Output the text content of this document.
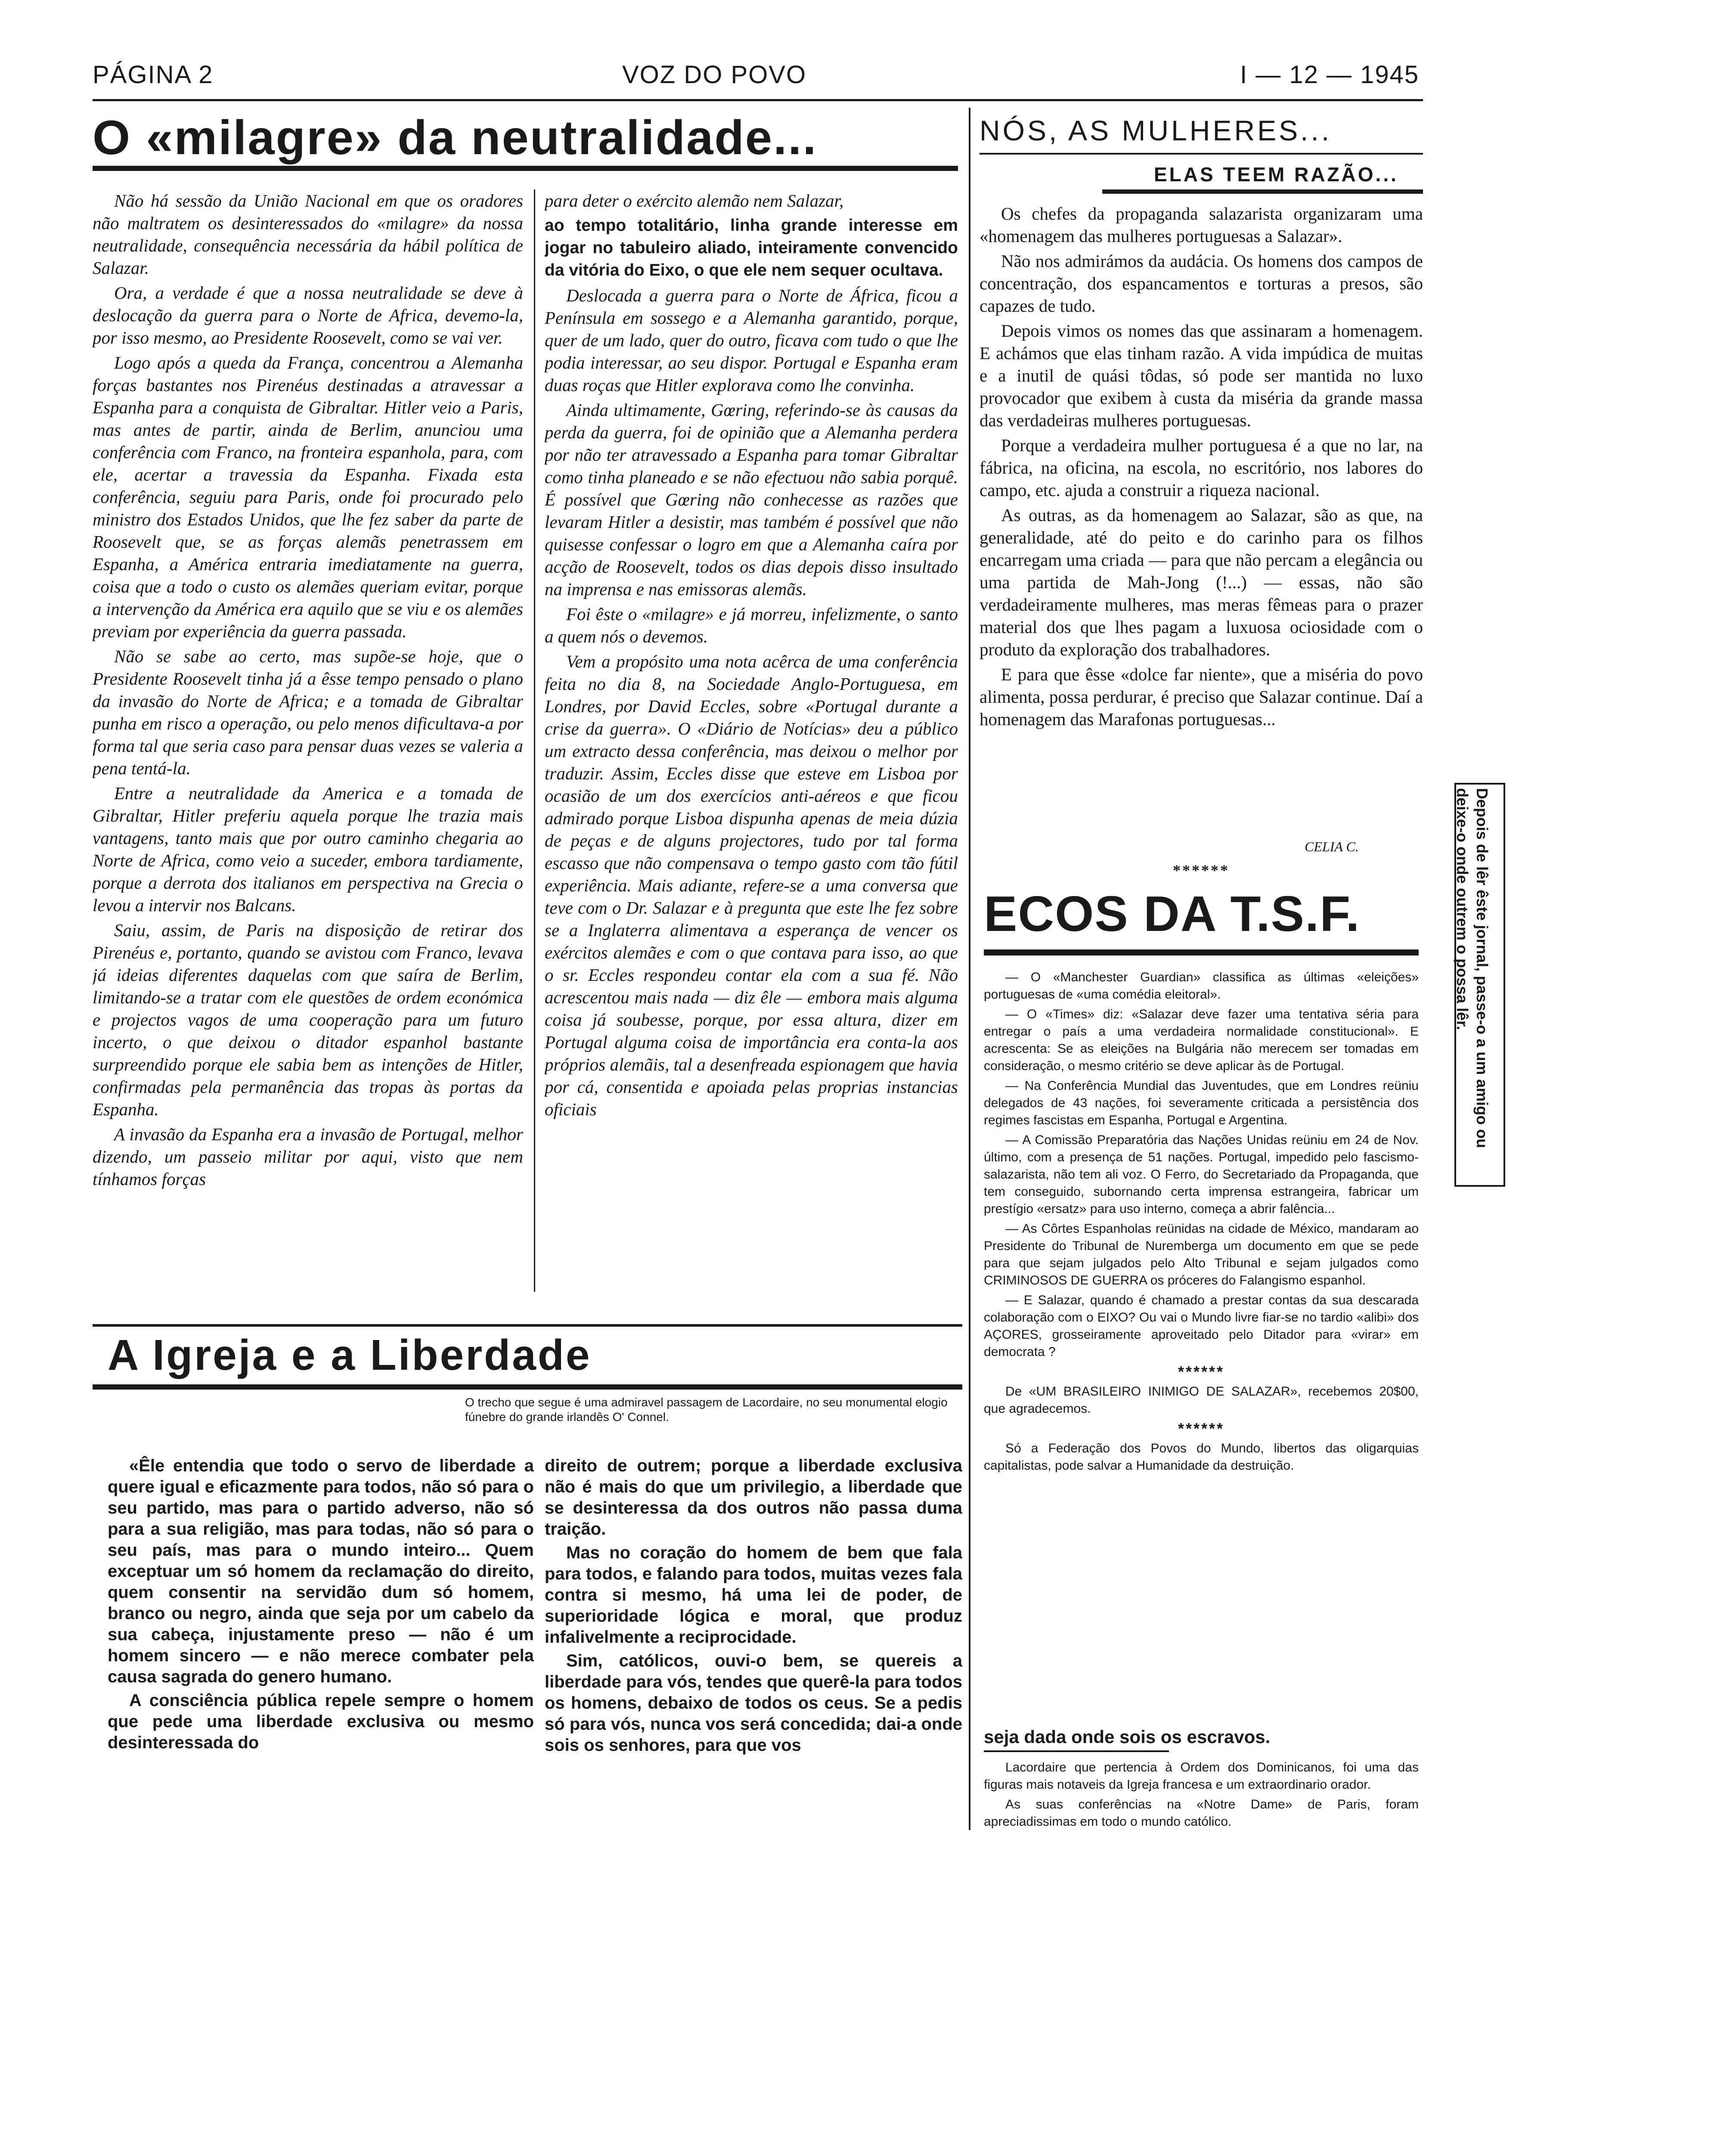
PÁGINA 2	VOZ DO POVO	I — 12 — 1945
O «milagre» da neutralidade...

Não há sessão da União Nacional em que os oradores não maltratem os desinteressados do «milagre» da nossa neutralidade, consequência necessária da hábil política de Salazar.

Ora, a verdade é que a nossa neutralidade se deve à deslocação da guerra para o Norte de Africa, devemo-la, por isso mesmo, ao Presidente Roosevelt, como se vai ver.

Logo após a queda da França, concentrou a Alemanha forças bastantes nos Pirenéus destinadas a atravessar a Espanha para a conquista de Gibraltar. Hitler veio a Paris, mas antes de partir, ainda de Berlim, anunciou uma conferência com Franco, na fronteira espanhola, para, com ele, acertar a travessia da Espanha. Fixada esta conferência, seguiu para Paris, onde foi procurado pelo ministro dos Estados Unidos, que lhe fez saber da parte de Roosevelt que, se as forças alemãs penetrassem em Espanha, a América entraria imediatamente na guerra, coisa que a todo o custo os alemães queriam evitar, porque a intervenção da América era aquilo que se viu e os alemães previam por experiência da guerra passada.

Não se sabe ao certo, mas supõe-se hoje, que o Presidente Roosevelt tinha já a êsse tempo pensado o plano da invasão do Norte de Africa; e a tomada de Gibraltar punha em risco a operação, ou pelo menos dificultava-a por forma tal que seria caso para pensar duas vezes se valeria a pena tentá-la.

Entre a neutralidade da America e a tomada de Gibraltar, Hitler preferiu aquela porque lhe trazia mais vantagens, tanto mais que por outro caminho chegaria ao Norte de Africa, como veio a suceder, embora tardiamente, porque a derrota dos italianos em perspectiva na Grecia o levou a intervir nos Balcans.

Saiu, assim, de Paris na disposição de retirar dos Pirenéus e, portanto, quando se avistou com Franco, levava já ideias diferentes daquelas com que saíra de Berlim, limitando-se a tratar com ele questões de ordem económica e projectos vagos de uma cooperação para um futuro incerto, o que deixou o ditador espanhol bastante surpreendido porque ele sabia bem as intenções de Hitler, confirmadas pela permanência das tropas às portas da Espanha.

A invasão da Espanha era a invasão de Portugal, melhor dizendo, um passeio militar por aqui, visto que nem tínhamos forças

para deter o exército alemão nem Salazar,

ao tempo totalitário, linha grande interesse em jogar no tabuleiro aliado, inteiramente convencido da vitória do Eixo, o que ele nem sequer ocultava.

Deslocada a guerra para o Norte de África, ficou a Península em sossego e a Alemanha garantido, porque, quer de um lado, quer do outro, ficava com tudo o que lhe podia interessar, ao seu dispor. Portugal e Espanha eram duas roças que Hitler explorava como lhe convinha.

Ainda ultimamente, Gœring, referindo-se às causas da perda da guerra, foi de opinião que a Alemanha perdera por não ter atravessado a Espanha para tomar Gibraltar como tinha planeado e se não efectuou não sabia porquê. É possível que Gœring não conhecesse as razões que levaram Hitler a desistir, mas também é possível que não quisesse confessar o logro em que a Alemanha caíra por acção de Roosevelt, todos os dias depois disso insultado na imprensa e nas emissoras alemãs.

Foi êste o «milagre» e já morreu, infelizmente, o santo a quem nós o devemos.

Vem a propósito uma nota acêrca de uma conferência feita no dia 8, na Sociedade Anglo-Portuguesa, em Londres, por David Eccles, sobre «Portugal durante a crise da guerra». O «Diário de Notícias» deu a público um extracto dessa conferência, mas deixou o melhor por traduzir. Assim, Eccles disse que esteve em Lisboa por ocasião de um dos exercícios anti-aéreos e que ficou admirado porque Lisboa dispunha apenas de meia dúzia de peças e de alguns projectores, tudo por tal forma escasso que não compensava o tempo gasto com tão fútil experiência. Mais adiante, refere-se a uma conversa que teve com o Dr. Salazar e à pregunta que este lhe fez sobre se a Inglaterra alimentava a esperança de vencer os exércitos alemães e com o que contava para isso, ao que o sr. Eccles respondeu contar ela com a sua fé. Não acrescentou mais nada — diz êle — embora mais alguma coisa já soubesse, porque, por essa altura, dizer em Portugal alguma coisa de importância era conta-la aos próprios alemãis, tal a desenfreada espionagem que havia por cá, consentida e apoiada pelas proprias instancias oficiais

NÓS, AS MULHERES...
ELAS TEEM RAZÃO...

Os chefes da propaganda salazarista organizaram uma «homenagem das mulheres portuguesas a Salazar».

Não nos admirámos da audácia. Os homens dos campos de concentração, dos espancamentos e torturas a presos, são capazes de tudo.

Depois vimos os nomes das que assinaram a homenagem. E achámos que elas tinham razão. A vida impúdica de muitas e a inutil de quási tôdas, só pode ser mantida no luxo provocador que exibem à custa da miséria da grande massa das verdadeiras mulheres portuguesas.

Porque a verdadeira mulher portuguesa é a que no lar, na fábrica, na oficina, na escola, no escritório, nos labores do campo, etc. ajuda a construir a riqueza nacional.

As outras, as da homenagem ao Salazar, são as que, na generalidade, até do peito e do carinho para os filhos encarregam uma criada — para que não percam a elegância ou uma partida de Mah-Jong (!...) — essas, não são verdadeiramente mulheres, mas meras fêmeas para o prazer material dos que lhes pagam a luxuosa ociosidade com o produto da exploração dos trabalhadores.

E para que êsse «dolce far niente», que a miséria do povo alimenta, possa perdurar, é preciso que Salazar continue. Daí a homenagem das Marafonas portuguesas...

CELIA C.
******
ECOS DA T.S.F.

— O «Manchester Guardian» classifica as últimas «eleições» portuguesas de «uma comédia eleitoral».

— O «Times» diz: «Salazar deve fazer uma tentativa séria para entregar o país a uma verdadeira normalidade constitucional». E acrescenta: Se as eleições na Bulgária não merecem ser tomadas em consideração, o mesmo critério se deve aplicar às de Portugal.

— Na Conferência Mundial das Juventudes, que em Londres reüniu delegados de 43 nações, foi severamente criticada a persistência dos regimes fascistas em Espanha, Portugal e Argentina.

— A Comissão Preparatória das Nações Unidas reüniu em 24 de Nov. último, com a presença de 51 nações. Portugal, impedido pelo fascismo-salazarista, não tem ali voz. O Ferro, do Secretariado da Propaganda, que tem conseguido, subornando certa imprensa estrangeira, fabricar um prestígio «ersatz» para uso interno, começa a abrir falência...

— As Côrtes Espanholas reünidas na cidade de México, mandaram ao Presidente do Tribunal de Nuremberga um documento em que se pede para que sejam julgados pelo Alto Tribunal e sejam julgados como CRIMINOSOS DE GUERRA os próceres do Falangismo espanhol.

— E Salazar, quando é chamado a prestar contas da sua descarada colaboração com o EIXO? Ou vai o Mundo livre fiar-se no tardio «alibi» dos AÇORES, grosseiramente aproveitado pelo Ditador para «virar» em democrata ?

******

De «UM BRASILEIRO INIMIGO DE SALAZAR», recebemos 20$00, que agradecemos.

******

Só a Federação dos Povos do Mundo, libertos das oligarquias capitalistas, pode salvar a Humanidade da destruição.

Depois de lêr êste jornal, passe-o a um amigo ou deixe-o onde outrem o possa lêr.
A Igreja e a Liberdade
O trecho que segue é uma admiravel passagem de Lacordaire, no seu monumental elogio fúnebre do grande irlandês O' Connel.

«Êle entendia que todo o servo de liberdade a quere igual e eficazmente para todos, não só para o seu partido, mas para o partido adverso, não só para a sua religião, mas para todas, não só para o seu país, mas para o mundo inteiro... Quem exceptuar um só homem da reclamação do direito, quem consentir na servidão dum só homem, branco ou negro, ainda que seja por um cabelo da sua cabeça, injustamente preso — não é um homem sincero — e não merece combater pela causa sagrada do genero humano.

A consciência pública repele sempre o homem que pede uma liberdade exclusiva ou mesmo desinteressada do

direito de outrem; porque a liberdade exclusiva não é mais do que um privilegio, a liberdade que se desinteressa da dos outros não passa duma traição.

Mas no coração do homem de bem que fala para todos, e falando para todos, muitas vezes fala contra si mesmo, há uma lei de poder, de superioridade lógica e moral, que produz infalivelmente a reciprocidade.

Sim, católicos, ouvi-o bem, se quereis a liberdade para vós, tendes que querê-la para todos os homens, debaixo de todos os ceus. Se a pedis só para vós, nunca vos será concedida; dai-a onde sois os senhores, para que vos	seja dada onde sois os escravos.

Lacordaire que pertencia à Ordem dos Dominicanos, foi uma das figuras mais notaveis da Igreja francesa e um extraordinario orador.

As suas conferências na «Notre Dame» de Paris, foram apreciadissimas em todo o mundo católico.
